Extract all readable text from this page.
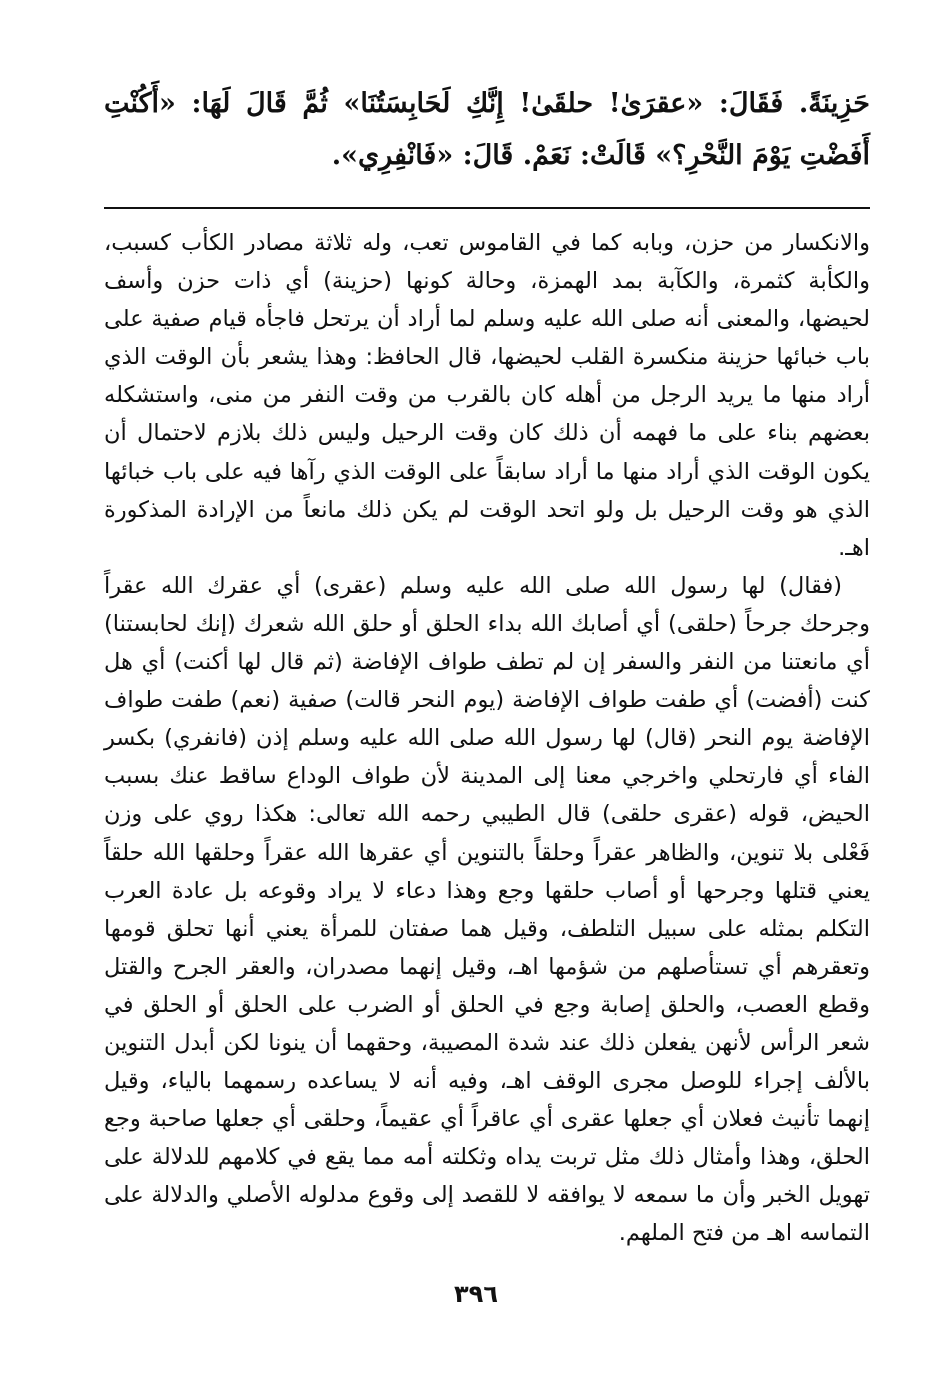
حَزِينَةً. فَقَالَ: «عقرَىٰ! حلقَىٰ! إِنَّكِ لَحَابِسَتُنَا» ثُمَّ قَالَ لَهَا: «أَكُنْتِ أَفَضْتِ يَوْمَ النَّحْرِ؟» قَالَتْ: نَعَمْ. قَالَ: «فَانْفِرِي».

والانكسار من حزن، وبابه كما في القاموس تعب، وله ثلاثة مصادر الكأب كسبب، والكأبة كثمرة، والكآبة بمد الهمزة، وحالة كونها (حزينة) أي ذات حزن وأسف لحيضها، والمعنى أنه صلى الله عليه وسلم لما أراد أن يرتحل فاجأه قيام صفية على باب خبائها حزينة منكسرة القلب لحيضها، قال الحافظ: وهذا يشعر بأن الوقت الذي أراد منها ما يريد الرجل من أهله كان بالقرب من وقت النفر من منى، واستشكله بعضهم بناء على ما فهمه أن ذلك كان وقت الرحيل وليس ذلك بلازم لاحتمال أن يكون الوقت الذي أراد منها ما أراد سابقاً على الوقت الذي رآها فيه على باب خبائها الذي هو وقت الرحيل بل ولو اتحد الوقت لم يكن ذلك مانعاً من الإرادة المذكورة اهـ.

(فقال) لها رسول الله صلى الله عليه وسلم (عقرى) أي عقرك الله عقراً وجرحك جرحاً (حلقى) أي أصابك الله بداء الحلق أو حلق الله شعرك (إنك لحابستنا) أي مانعتنا من النفر والسفر إن لم تطف طواف الإفاضة (ثم قال لها أكنت) أي هل كنت (أفضت) أي طفت طواف الإفاضة (يوم النحر قالت) صفية (نعم) طفت طواف الإفاضة يوم النحر (قال) لها رسول الله صلى الله عليه وسلم إذن (فانفري) بكسر الفاء أي فارتحلي واخرجي معنا إلى المدينة لأن طواف الوداع ساقط عنك بسبب الحيض، قوله (عقرى حلقى) قال الطيبي رحمه الله تعالى: هكذا روي على وزن فَعْلى بلا تنوين، والظاهر عقراً وحلقاً بالتنوين أي عقرها الله عقراً وحلقها الله حلقاً يعني قتلها وجرحها أو أصاب حلقها وجع وهذا دعاء لا يراد وقوعه بل عادة العرب التكلم بمثله على سبيل التلطف، وقيل هما صفتان للمرأة يعني أنها تحلق قومها وتعقرهم أي تستأصلهم من شؤمها اهـ، وقيل إنهما مصدران، والعقر الجرح والقتل وقطع العصب، والحلق إصابة وجع في الحلق أو الضرب على الحلق أو الحلق في شعر الرأس لأنهن يفعلن ذلك عند شدة المصيبة، وحقهما أن ينونا لكن أبدل التنوين بالألف إجراء للوصل مجرى الوقف اهـ، وفيه أنه لا يساعده رسمهما بالياء، وقيل إنهما تأنيث فعلان أي جعلها عقرى أي عاقراً أي عقيماً، وحلقى أي جعلها صاحبة وجع الحلق، وهذا وأمثال ذلك مثل تربت يداه وثكلته أمه مما يقع في كلامهم للدلالة على تهويل الخبر وأن ما سمعه لا يوافقه لا للقصد إلى وقوع مدلوله الأصلي والدلالة على التماسه اهـ من فتح الملهم.

٣٩٦
